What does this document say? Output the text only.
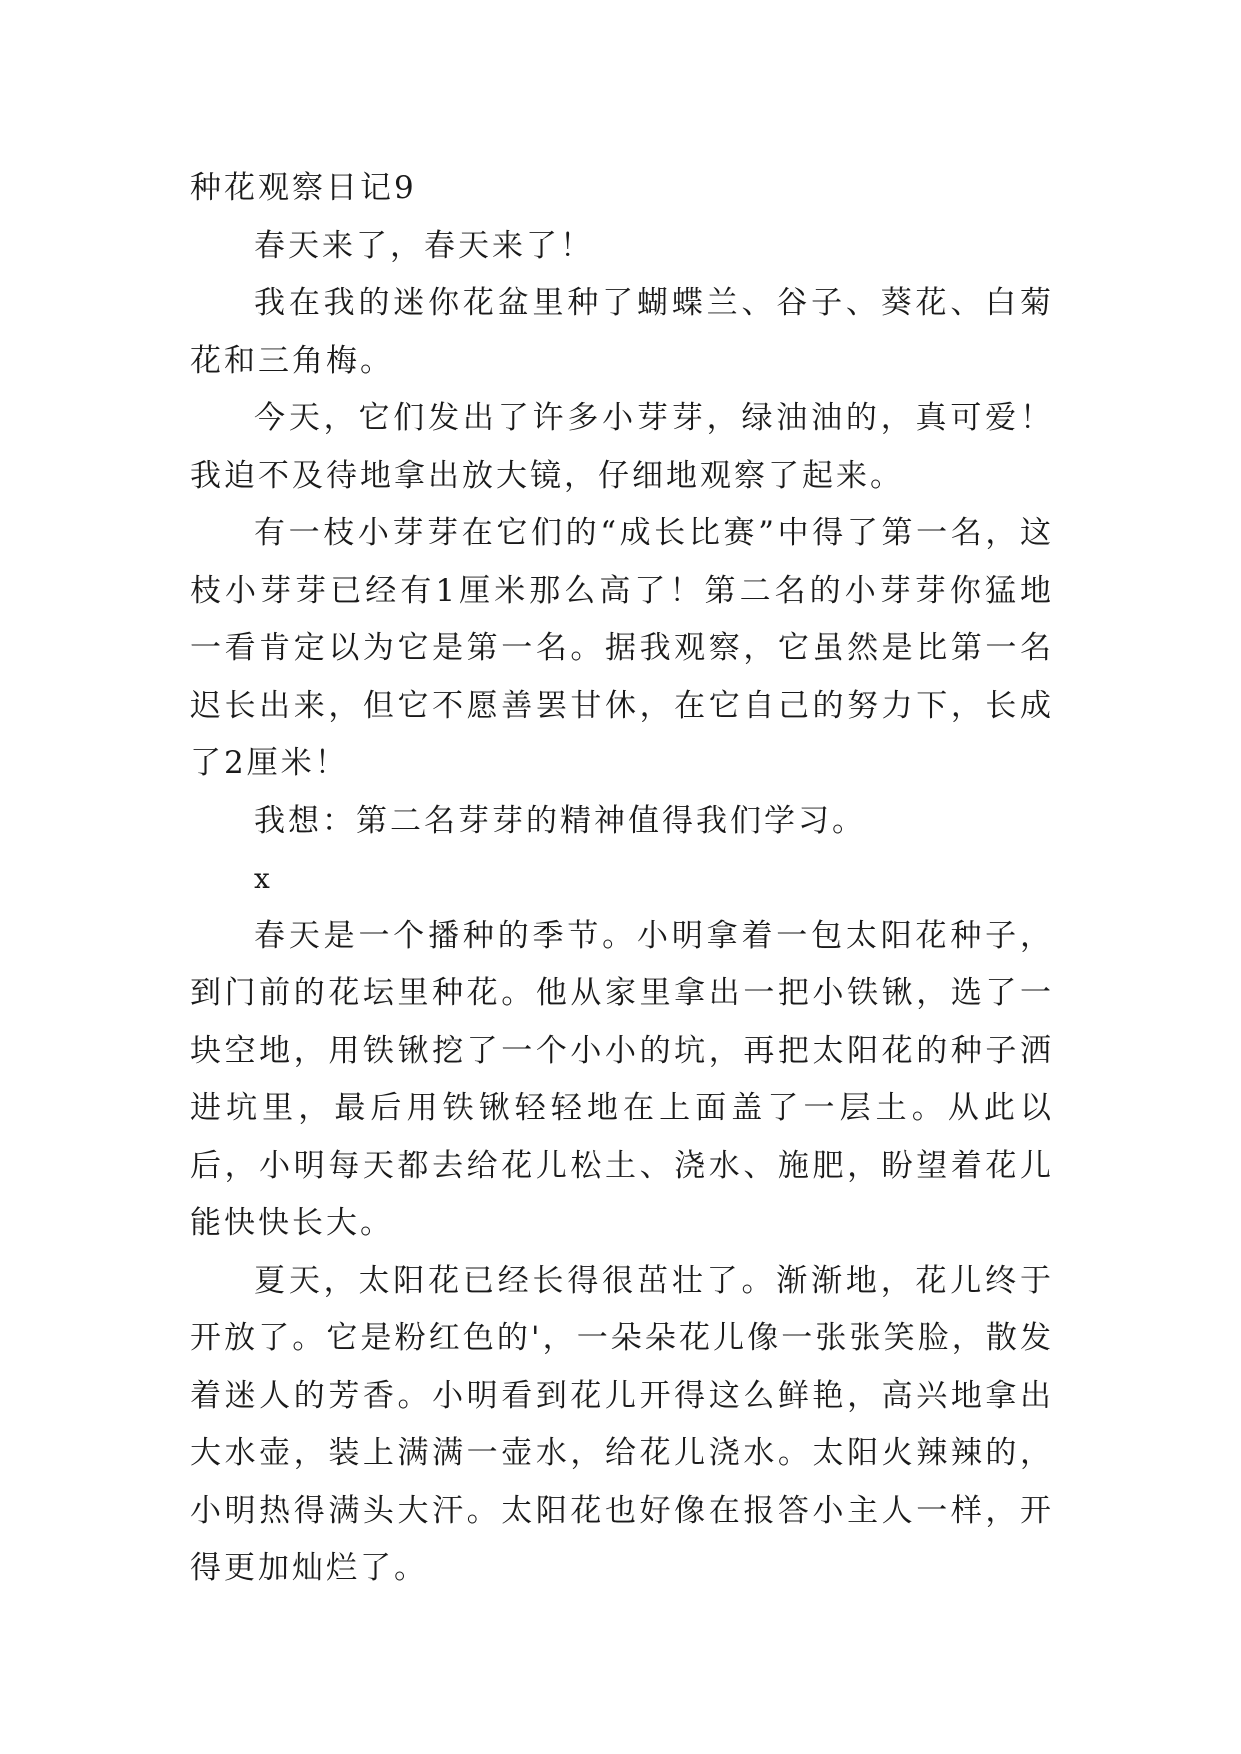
种花观察日记9

春天来了，春天来了！

我在我的迷你花盆里种了蝴蝶兰、谷子、葵花、白菊花和三角梅。

今天，它们发出了许多小芽芽，绿油油的，真可爱！我迫不及待地拿出放大镜，仔细地观察了起来。

有一枝小芽芽在它们的“成长比赛”中得了第一名，这枝小芽芽已经有1厘米那么高了！第二名的小芽芽你猛地一看肯定以为它是第一名。据我观察，它虽然是比第一名迟长出来，但它不愿善罢甘休，在它自己的努力下，长成了2厘米！

我想：第二名芽芽的精神值得我们学习。

x

春天是一个播种的季节。小明拿着一包太阳花种子，到门前的花坛里种花。他从家里拿出一把小铁锹，选了一块空地，用铁锹挖了一个小小的坑，再把太阳花的种子洒进坑里，最后用铁锹轻轻地在上面盖了一层土。从此以后，小明每天都去给花儿松土、浇水、施肥，盼望着花儿能快快长大。

夏天，太阳花已经长得很茁壮了。渐渐地，花儿终于开放了。它是粉红色的'，一朵朵花儿像一张张笑脸，散发着迷人的芳香。小明看到花儿开得这么鲜艳，高兴地拿出大水壶，装上满满一壶水，给花儿浇水。太阳火辣辣的，小明热得满头大汗。太阳花也好像在报答小主人一样，开得更加灿烂了。
